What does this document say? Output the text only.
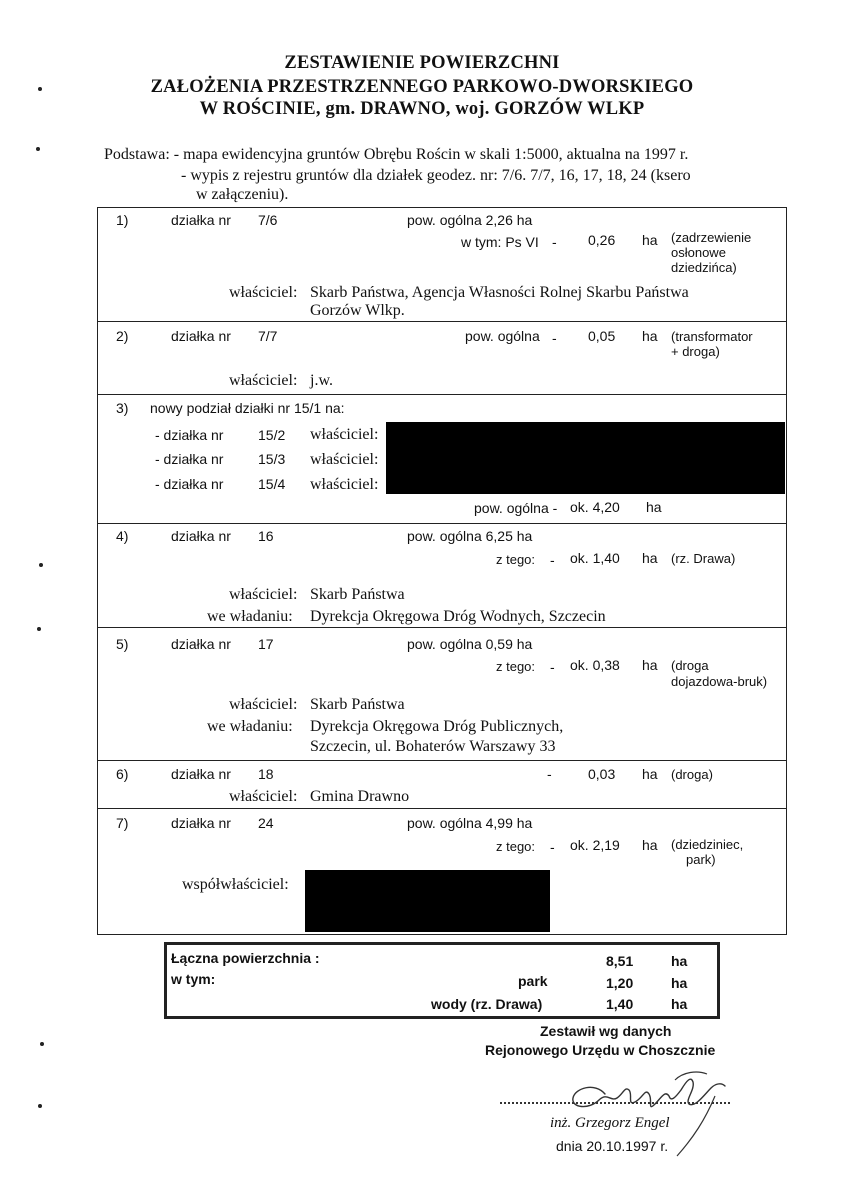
ZESTAWIENIE POWIERZCHNI
ZAŁOŻENIA PRZESTRZENNEGO PARKOWO-DWORSKIEGO
W ROŚCINIE, gm. DRAWNO, woj. GORZÓW WLKP
Podstawa: - mapa ewidencyjna gruntów Obrębu Rościn w skali 1:5000, aktualna na 1997 r.
- wypis z rejestru gruntów dla działek geodez. nr: 7/6. 7/7, 16, 17, 18, 24 (ksero
w załączeniu).
1)	działka nr 7/6	pow. ogólna 2,26 ha
w tym: Ps VI - 0,26 ha (zadrzewienie
osłonowe
dziedzińca)
właściciel: Skarb Państwa, Agencja Własności Rolnej Skarbu Państwa
Gorzów Wlkp.
2)	działka nr 7/7	pow. ogólna - 0,05 ha (transformator
+ droga)
właściciel: j.w.
3) nowy podział działki nr 15/1 na:
- działka nr 15/2 właściciel:
- działka nr 15/3 właściciel:
- działka nr 15/4 właściciel:
pow. ogólna - ok. 4,20 ha
4)	działka nr 16	pow. ogólna 6,25 ha
z tego: - ok. 1,40 ha (rz. Drawa)
właściciel: Skarb Państwa
we władaniu: Dyrekcja Okręgowa Dróg Wodnych, Szczecin
5)	działka nr 17	pow. ogólna 0,59 ha
z tego: - ok. 0,38 ha (droga
dojazdowa-bruk)
właściciel: Skarb Państwa
we władaniu: Dyrekcja Okręgowa Dróg Publicznych,
Szczecin, ul. Bohaterów Warszawy 33
6)	działka nr 18	-	0,03 ha (droga)
właściciel: Gmina Drawno
7)	działka nr 24	pow. ogólna 4,99 ha
z tego: - ok. 2,19 ha (dziedziniec,
park)
współwłaściciel:
Łączna powierzchnia :	8,51	ha
w tym:	park	1,20	ha
wody (rz. Drawa)	1,40	ha
Zestawił wg danych
Rejonowego Urzędu w Choszcznie
inż. Grzegorz Engel
dnia 20.10.1997 r.
